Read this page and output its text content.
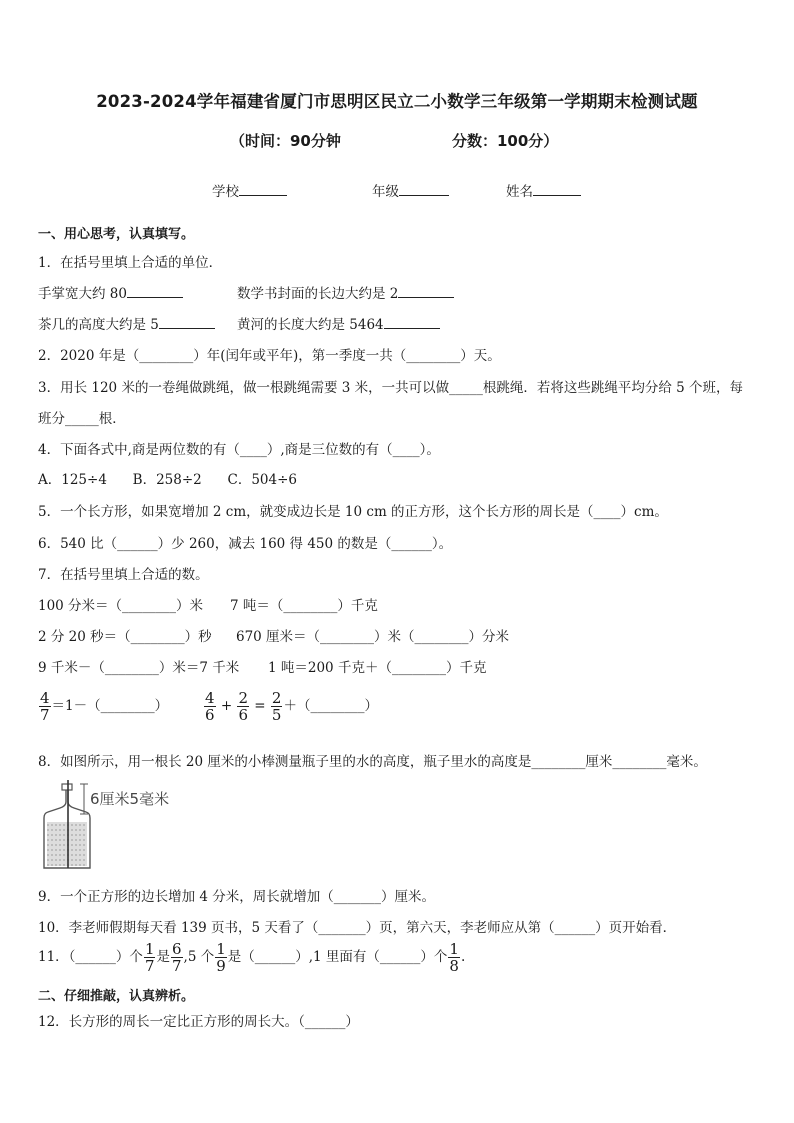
2023-2024学年福建省厦门市思明区民立二小数学三年级第一学期期末检测试题
（时间：90分钟	分数：100分）
学校	年级	姓名
一、用心思考，认真填写。
1．在括号里填上合适的单位．
手掌宽大约 80	数学书封面的长边大约是 2
茶几的高度大约是 5	黄河的长度大约是 5464
2．2020 年是（________）年(闰年或平年)，第一季度一共（________）天。
3．用长 120 米的一卷绳做跳绳，做一根跳绳需要 3 米，一共可以做_____根跳绳．若将这些跳绳平均分给 5 个班，每
班分_____根．
4．下面各式中,商是两位数的有（____）,商是三位数的有（____）。
A．125÷4      B．258÷2      C．504÷6
5．一个长方形，如果宽增加 2 cm，就变成边长是 10 cm 的正方形，这个长方形的周长是（____）cm。
6．540 比（______）少 260，减去 160 得 450 的数是（______）。
7．在括号里填上合适的数。
100 分米＝（________）米 7 吨＝（________）千克
2 分 20 秒＝（________）秒 670 厘米＝（________）米（________）分米
9 千米－（________）米＝7 千米 1 吨＝200 千克＋（________）千克
$\frac{4}{7}$ ＝1－（________） $\frac{4}{6} + \frac{2}{6} = \frac{2}{5}$ ＋（________）
8．如图所示，用一根长 20 厘米的小棒测量瓶子里的水的高度，瓶子里水的高度是________厘米________毫米。
6厘米5毫米
9．一个正方形的边长增加 4 分米，周长就增加（_______）厘米。
10．李老师假期每天看 139 页书，5 天看了（_______）页，第六天，李老师应从第（______）页开始看．
11．（______）个 $\frac{1}{7}$ 是 $\frac{6}{7} ,5$ 个 $\frac{1}{9}$ 是（______）,1 里面有（______）个 $\frac{1}{8}$ .
二、仔细推敲，认真辨析。
12．长方形的周长一定比正方形的周长大。（______）
